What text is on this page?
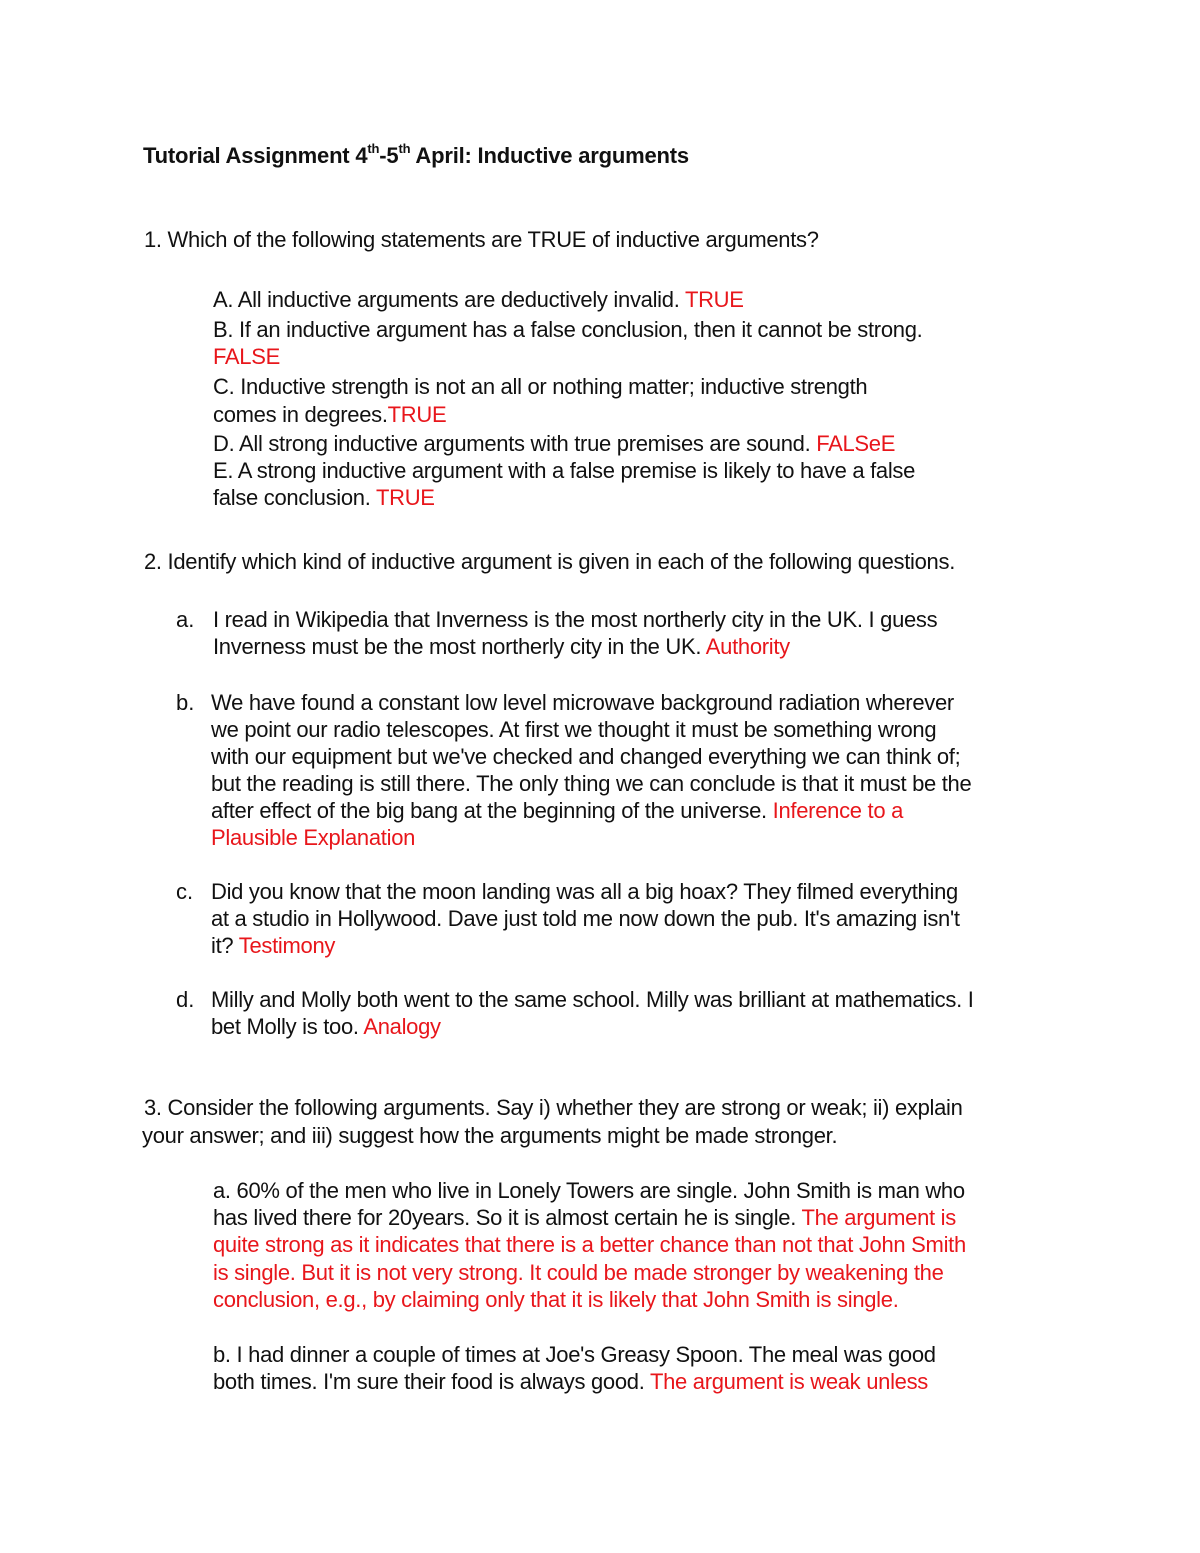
Tutorial Assignment 4th-5th April: Inductive arguments
1. Which of the following statements are TRUE of inductive arguments?
A. All inductive arguments are deductively invalid. TRUE
B. If an inductive argument has a false conclusion, then it cannot be strong.
FALSE
C. Inductive strength is not an all or nothing matter; inductive strength
comes in degrees.TRUE
D. All strong inductive arguments with true premises are sound. FALSeE
E. A strong inductive argument with a false premise is likely to have a false
false conclusion. TRUE
2. Identify which kind of inductive argument is given in each of the following questions.
a. I read in Wikipedia that Inverness is the most northerly city in the UK. I guess
Inverness must be the most northerly city in the UK. Authority
b. We have found a constant low level microwave background radiation wherever
we point our radio telescopes. At first we thought it must be something wrong
with our equipment but we've checked and changed everything we can think of;
but the reading is still there. The only thing we can conclude is that it must be the
after effect of the big bang at the beginning of the universe. Inference to a
Plausible Explanation
c. Did you know that the moon landing was all a big hoax? They filmed everything
at a studio in Hollywood. Dave just told me now down the pub. It's amazing isn't
it? Testimony
d. Milly and Molly both went to the same school. Milly was brilliant at mathematics. I
bet Molly is too. Analogy
3. Consider the following arguments. Say i) whether they are strong or weak; ii) explain
your answer; and iii) suggest how the arguments might be made stronger.
a. 60% of the men who live in Lonely Towers are single. John Smith is man who
has lived there for 20years. So it is almost certain he is single. The argument is
quite strong as it indicates that there is a better chance than not that John Smith
is single. But it is not very strong. It could be made stronger by weakening the
conclusion, e.g., by claiming only that it is likely that John Smith is single.
b. I had dinner a couple of times at Joe's Greasy Spoon. The meal was good
both times. I'm sure their food is always good. The argument is weak unless
